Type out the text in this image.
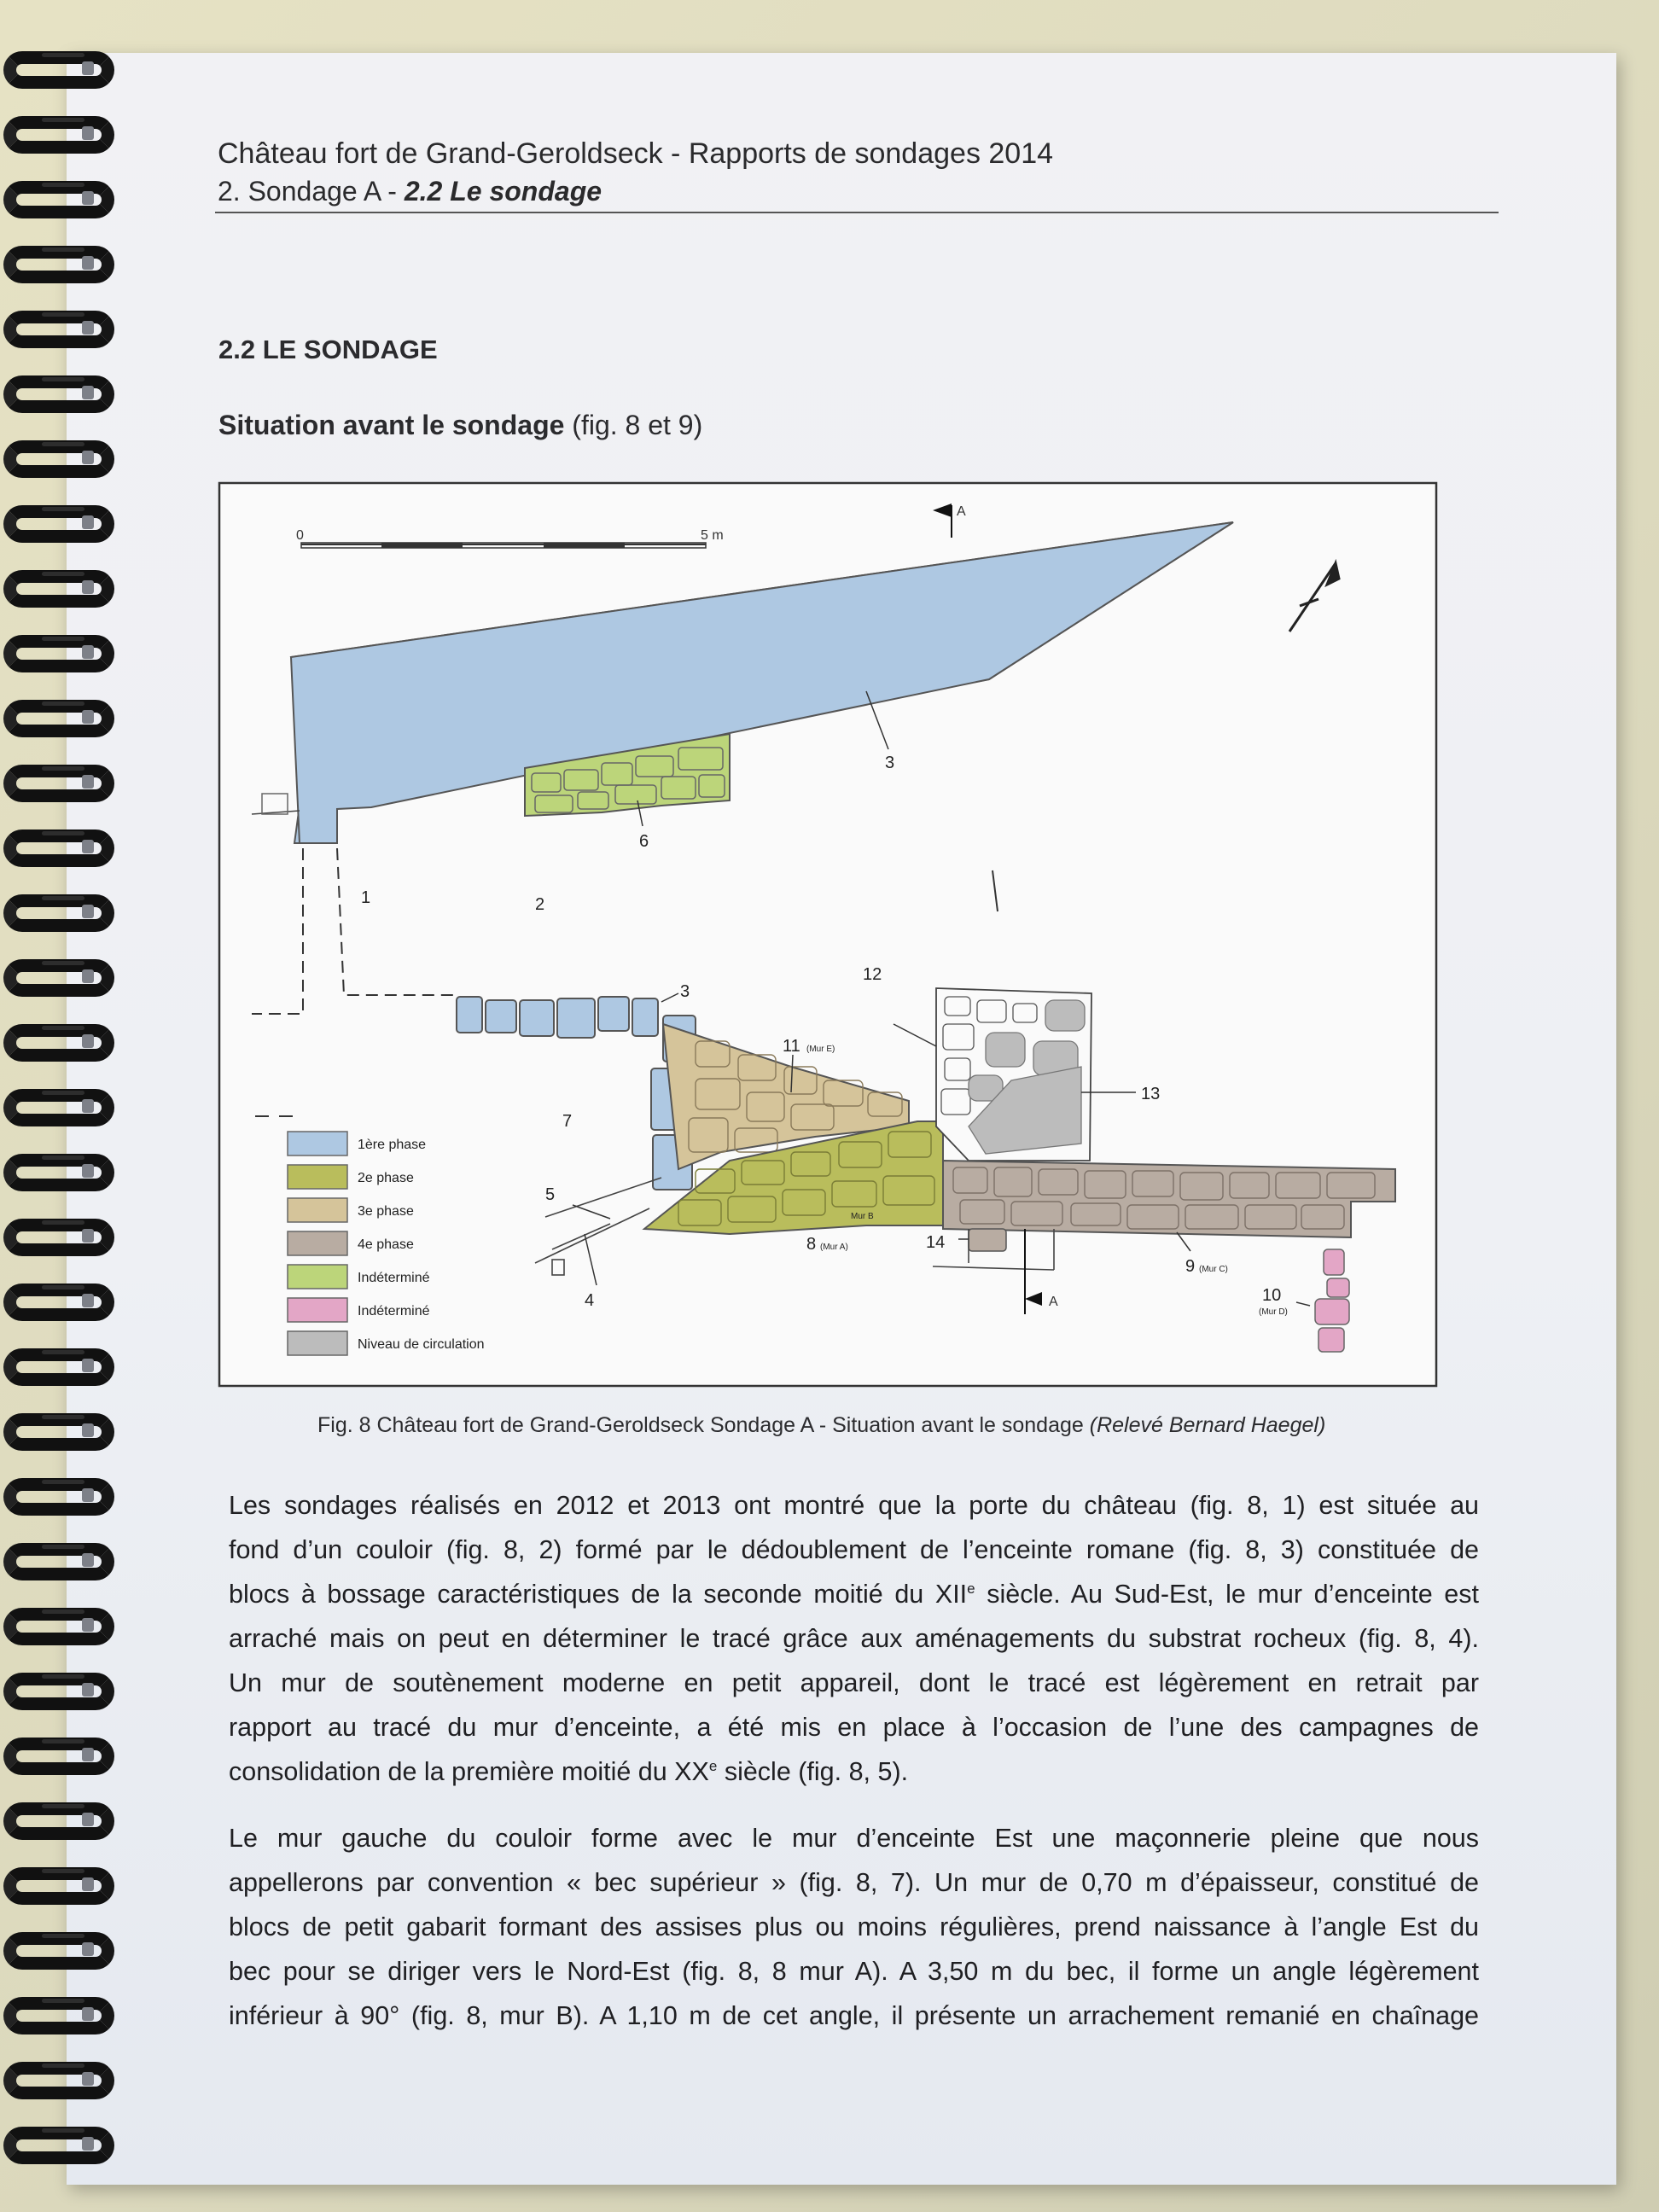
Château fort de Grand-Geroldseck - Rapports de sondages 2014
2. Sondage A - 2.2 Le sondage
2.2 LE SONDAGE
Situation avant le sondage (fig. 8 et 9)
0	5 m
A
A
3
6
1	2
3
12
11 (Mur E)
13
7
5
Mur B
8 (Mur A)	14
9 (Mur C)
4	10
(Mur D)
1ère phase
2e phase
3e phase
4e phase
Indéterminé
Indéterminé
Niveau de circulation
Fig. 8 Château fort de Grand-Geroldseck Sondage A - Situation avant le sondage (Relevé Bernard Haegel)
Les sondages réalisés en 2012 et 2013 ont montré que la porte du château (fig. 8, 1) est située au
fond d’un couloir (fig. 8, 2) formé par le dédoublement de l’enceinte romane (fig. 8, 3) constituée de
blocs à bossage caractéristiques de la seconde moitié du XIIe siècle. Au Sud-Est, le mur d’enceinte est
arraché mais on peut en déterminer le tracé grâce aux aménagements du substrat rocheux (fig. 8, 4).
Un mur de soutènement moderne en petit appareil, dont le tracé est légèrement en retrait par
rapport au tracé du mur d’enceinte, a été mis en place à l’occasion de l’une des campagnes de
consolidation de la première moitié du XXe siècle (fig. 8, 5).
Le mur gauche du couloir forme avec le mur d’enceinte Est une maçonnerie pleine que nous
appellerons par convention « bec supérieur » (fig. 8, 7). Un mur de 0,70 m d’épaisseur, constitué de
blocs de petit gabarit formant des assises plus ou moins régulières, prend naissance à l’angle Est du
bec pour se diriger vers le Nord-Est (fig. 8, 8 mur A). A 3,50 m du bec, il forme un angle légèrement
inférieur à 90° (fig. 8, mur B). A 1,10 m de cet angle, il présente un arrachement remanié en chaînage
